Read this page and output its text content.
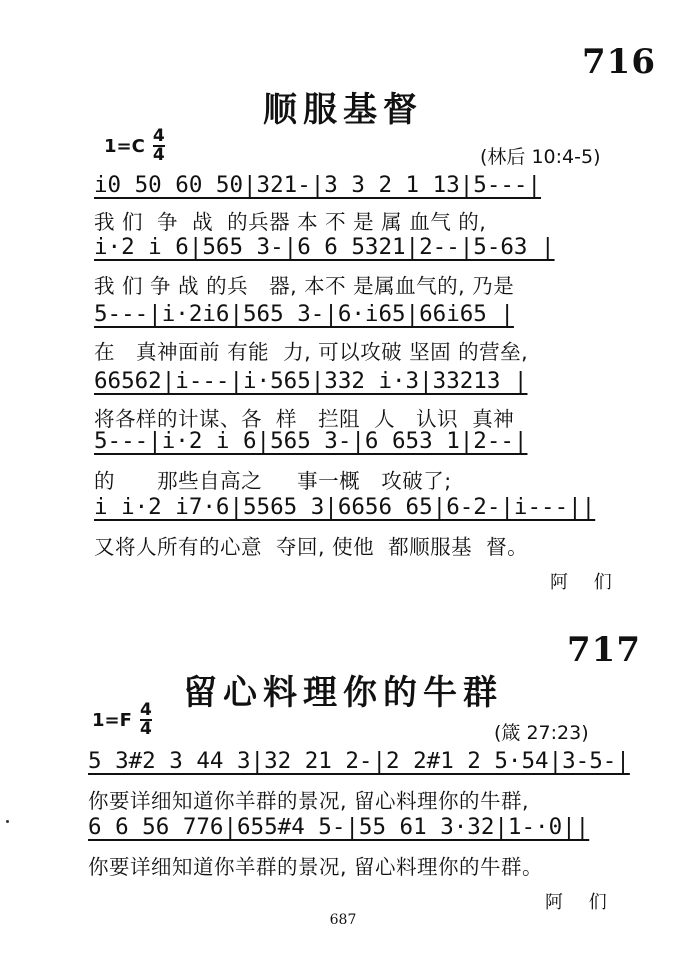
716
顺服基督
1=C 4
4	(林后 10:4-5)
i0 50 60 50|321-|3 3 2 1 13|5---|
我 们  争  战  的兵器 本 不 是 属 血气 的,
i·2 i 6|565 3-|6 6 5321|2--|5-63 |
我 们 争 战 的兵   器, 本不 是属血气的, 乃是
5---|i·2i6|565 3-|6·i65|66i65 |
在   真神面前 有能  力, 可以攻破 坚固 的营垒,
66562|i---|i·565|332 i·3|33213 |
将各样的计谋、各  样   拦阻  人   认识  真神
5---|i·2 i 6|565 3-|6 653 1|2--|
的      那些自高之     事一概   攻破了;
i i·2 i7·6|5565 3|6656 65|6-2-|i---||
又将人所有的心意  夺回, 使他  都顺服基  督。
阿 们
717
留心料理你的牛群
1=F 4
4	(箴 27:23)
5 3#2 3 44 3|32 21 2-|2 2#1 2 5·54|3-5-|
你要详细知道你羊群的景况, 留心料理你的牛群,
6 6 56 776|655#4 5-|55 61 3·32|1-·0||
你要详细知道你羊群的景况, 留心料理你的牛群。
阿 们
687
